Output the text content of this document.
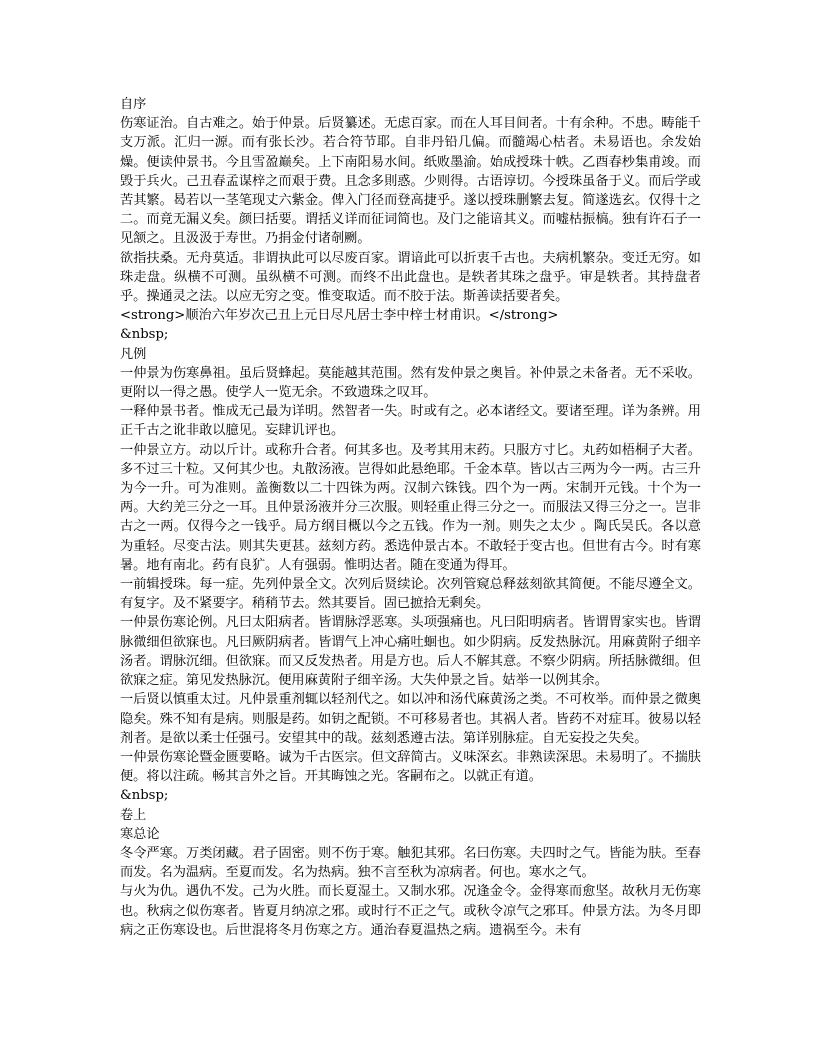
自序

伤寒证治。自古难之。始于仲景。后贤纂述。无虑百家。而在人耳目间者。十有余种。不患。畴能千支万派。汇归一源。而有张长沙。若合符节耶。自非丹铅几偏。而髓竭心枯者。未易语也。余发始燥。便读仲景书。今且雪盈巅矣。上下南阳易水间。纸败墨渝。始成授珠十帙。乙酉春杪集甫竣。而毁于兵火。己丑春孟谋梓之而艰于费。且念多則惑。少则得。古语谆切。今授珠虽备于义。而后学或苦其繁。曷若以一茎笔现丈六紫金。俾入门径而登高捷乎。遂以授珠删繁去复。简遂选玄。仅得十之二。而竟无漏义矣。颜曰括要。谓括义详而征词简也。及门之能谙其义。而嘘枯振槁。独有许石子一见颔之。且汲汲于寿世。乃捐金付诸剞劂。

欲指扶桑。无舟莫适。非谓执此可以尽废百家。谓谙此可以折衷千古也。夫病机繁杂。变迁无穷。如珠走盘。纵横不可测。虽纵横不可测。而终不出此盘也。是轶者其珠之盘乎。审是轶者。其持盘者乎。操通灵之法。以应无穷之变。惟变取适。而不胶于法。斯善读括要者矣。

<strong>顺治六年岁次己丑上元日尽凡居士李中梓士材甫识。</strong>

&nbsp;

凡例

一仲景为伤寒鼻祖。虽后贤蜂起。莫能越其范围。然有发仲景之奥旨。补仲景之未备者。无不采收。更附以一得之愚。使学人一览无余。不致遗珠之叹耳。

一释仲景书者。惟成无己最为详明。然智者一失。时或有之。必本诸经文。要诸至理。详为条辨。用正千古之讹非敢以臆见。妄肆讥评也。

一仲景立方。动以斤计。或称升合者。何其多也。及考其用末药。只服方寸匕。丸药如梧桐子大者。多不过三十粒。又何其少也。丸散汤液。岂得如此悬绝耶。千金本草。皆以古三两为今一两。古三升为今一升。可为准则。盖衡数以二十四铢为两。汉制六铢钱。四个为一两。宋制开元钱。十个为一两。大约羌三分之一耳。且仲景汤液并分三次服。则轻重止得三分之一。而服法又得三分之一。岂非古之一两。仅得今之一钱乎。局方纲目概以今之五钱。作为一剂。则失之太少 。陶氏吴氏。各以意为重轻。尽变古法。则其失更甚。兹刻方药。悉选仲景古本。不敢轻于变古也。但世有古今。时有寒暑。地有南北。药有良犷。人有强弱。惟明达者。随在变通为得耳。

一前辑授珠。每一症。先列仲景全文。次列后贤续论。次列管窥总释兹刻欲其简便。不能尽遵全文。有复字。及不紧要字。稍稍节去。然其要旨。固已摭拾无剩矣。

一仲景伤寒论例。凡曰太阳病者。皆谓脉浮恶寒。头项强痛也。凡曰阳明病者。皆谓胃家实也。皆谓脉微细但欲寐也。凡曰厥阴病者。皆谓气上冲心痛吐蛔也。如少阴病。反发热脉沉。用麻黄附子细辛汤者。谓脉沉细。但欲寐。而又反发热者。用是方也。后人不解其意。不察少阴病。所括脉微细。但欲寐之症。第见发热脉沉。便用麻黄附子细辛汤。大失仲景之旨。姑举一以例其余。

一后贤以慎重太过。凡仲景重剂辄以轻剂代之。如以冲和汤代麻黄汤之类。不可枚举。而仲景之微奥隐矣。殊不知有是病。则服是药。如钥之配锁。不可移易者也。其祸人者。皆药不对症耳。彼易以轻剂者。是欲以柔士任强弓。安望其中的哉。兹刻悉遵古法。第详别脉症。自无妄投之失矣。

一仲景伤寒论暨金匮要略。诚为千古医宗。但文辞简古。义味深玄。非熟读深思。未易明了。不揣肤便。将以注疏。畅其言外之旨。开其晦蚀之光。客嗣布之。以就正有道。

&nbsp;

卷上

寒总论

冬令严寒。万类闭藏。君子固密。则不伤于寒。触犯其邪。名曰伤寒。夫四时之气。皆能为肤。至春而发。名为温病。至夏而发。名为热病。独不言至秋为凉病者。何也。寒水之气。

与火为仇。遇仇不发。己为火胜。而长夏湿土。又制水邪。况逢金令。金得寒而愈坚。故秋月无伤寒也。秋病之似伤寒者。皆夏月纳凉之邪。或时行不正之气。或秋令凉气之邪耳。仲景方法。为冬月即病之正伤寒设也。后世混将冬月伤寒之方。通治春夏温热之病。遗祸至今。未有
